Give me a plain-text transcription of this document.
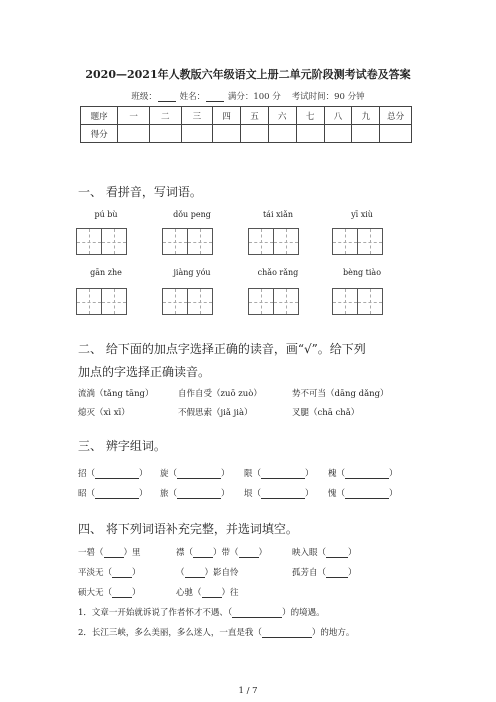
2020—2021年人教版六年级语文上册二单元阶段测考试卷及答案
班级：	姓名：	满分：100 分 考试时间：90 分钟
题序	一	二	三	四	五	六	七	八	九	总分
得分										
一、 看拼音，写词语。
pú bù	dǒu peng	tái xiǎn	yī xiù
gān zhe	jiàng yóu	chǎo rǎng	bèng tiào
二、 给下面的加点字选择正确的读音，画“√”。给下列
加点的字选择正确读音。
流淌（tǎng tāng）	自作自受（zuō zuò）	势不可当（dāng dǎng）
熄灭（xì xī）	不假思索（jiǎ jià）	叉腿（chā chǎ）
三、 辨字组词。
招（	） 旋（	） 限（	） 槐（	）
昭（	） 旅（	） 垠（	） 愧（	）
四、 将下列词语补充完整，并选词填空。
一碧（ ）里	襟（ ）带（ ）	映入眼（	）
平淡无（ ）	（ ）影自怜	孤芳自（	）
硕大无（ ）	心驰（ ）往
1．文章一开始就诉说了作者怀才不遇、（	）的境遇。
2．长江三峡，多么美丽，多么迷人，一直是我（	）的地方。
1 / 7
